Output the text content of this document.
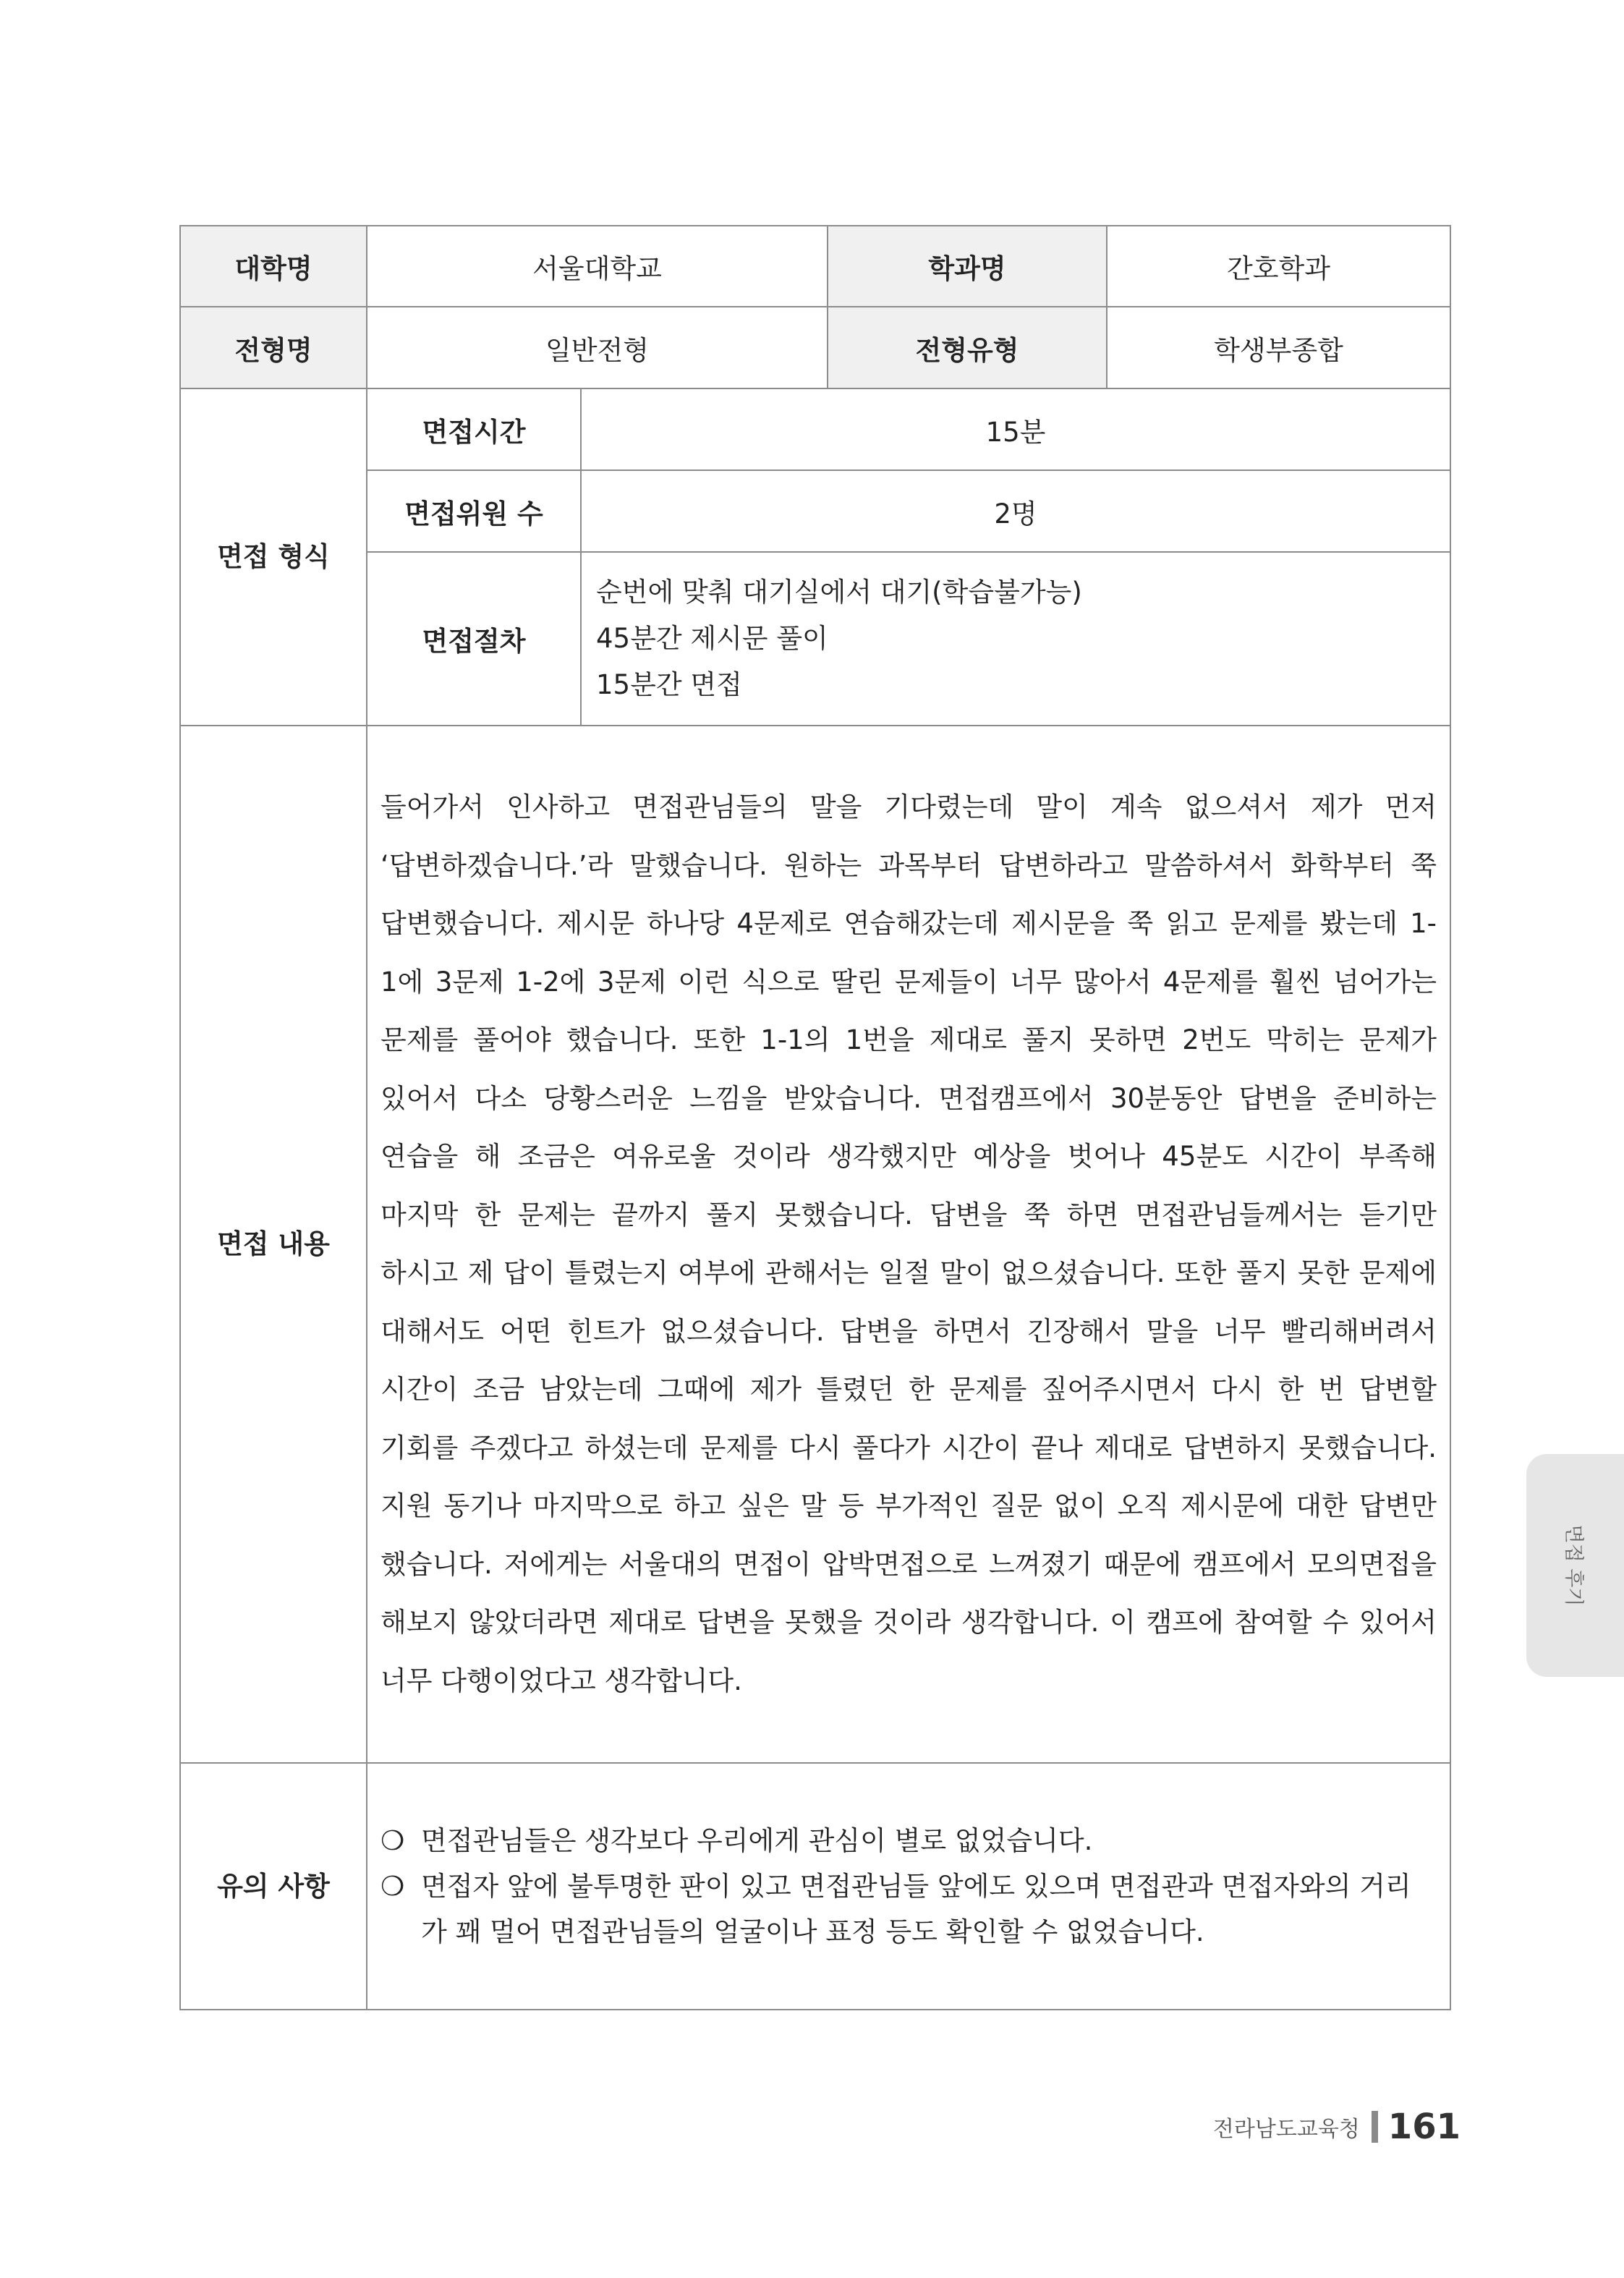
대학명	서울대학교		학과명	간호학과
전형명	일반전형		전형유형	학생부종합

면접 형식	면접시간	15분		
	면접위원 수	2명		
	면접절차	순번에 맞춰 대기실에서 대기(학습불가능)
45분간 제시문 풀이
15분간 면접		

면접 내용	들어가서 인사하고 면접관님들의 말을 기다렸는데 말이 계속 없으셔서 제가 먼저 ‘답변하겠습니다.’라 말했습니다. 원하는 과목부터 답변하라고 말씀하셔서 화학부터 쭉 답변했습니다. 제시문 하나당 4문제로 연습해갔는데 제시문을 쭉 읽고 문제를 봤는데 1-1에 3문제 1-2에 3문제 이런 식으로 딸린 문제들이 너무 많아서 4문제를 훨씬 넘어가는 문제를 풀어야 했습니다. 또한 1-1의 1번을 제대로 풀지 못하면 2번도 막히는 문제가 있어서 다소 당황스러운 느낌을 받았습니다. 면접캠프에서 30분동안 답변을 준비하는 연습을 해 조금은 여유로울 것이라 생각했지만 예상을 벗어나 45분도 시간이 부족해 마지막 한 문제는 끝까지 풀지 못했습니다. 답변을 쭉 하면 면접관님들께서는 듣기만 하시고 제 답이 틀렸는지 여부에 관해서는 일절 말이 없으셨습니다. 또한 풀지 못한 문제에 대해서도 어떤 힌트가 없으셨습니다. 답변을 하면서 긴장해서 말을 너무 빨리해버려서 시간이 조금 남았는데 그때에 제가 틀렸던 한 문제를 짚어주시면서 다시 한 번 답변할 기회를 주겠다고 하셨는데 문제를 다시 풀다가 시간이 끝나 제대로 답변하지 못했습니다. 지원 동기나 마지막으로 하고 싶은 말 등 부가적인 질문 없이 오직 제시문에 대한 답변만 했습니다. 저에게는 서울대의 면접이 압박면접으로 느껴졌기 때문에 캠프에서 모의면접을 해보지 않았더라면 제대로 답변을 못했을 것이라 생각합니다. 이 캠프에 참여할 수 있어서 너무 다행이었다고 생각합니다.			

유의 사항	❍ 면접관님들은 생각보다 우리에게 관심이 별로 없었습니다.
❍ 면접자 앞에 불투명한 판이 있고 면접관님들 앞에도 있으며 면접관과 면접자와의 거리가 꽤 멀어 면접관님들의 얼굴이나 표정 등도 확인할 수 없었습니다.			
면접 후기
전라남도교육청 161
